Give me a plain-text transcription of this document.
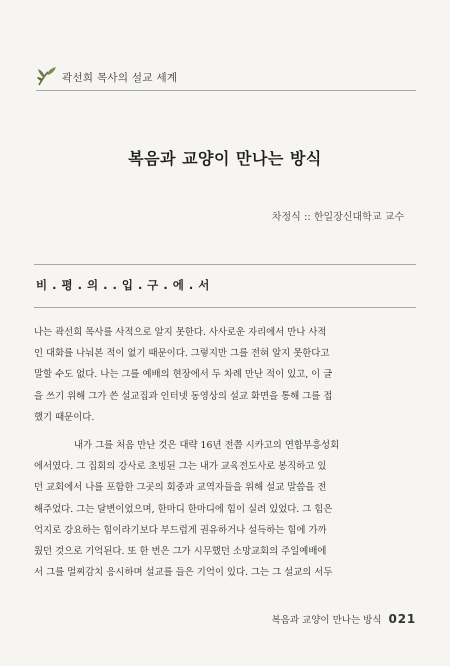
곽선희 목사의 설교 세계
복음과 교양이 만나는 방식
차정식 :: 한일장신대학교 교수
비 . 평 . 의 . . 입 . 구 . 에 . 서
나는 곽선희 목사를 사적으로 알지 못한다. 사사로운 자리에서 만나 사적
인 대화를 나눠본 적이 없기 때문이다. 그렇지만 그를 전혀 알지 못한다고
말할 수도 없다. 나는 그를 예배의 현장에서 두 차례 만난 적이 있고, 이 글
을 쓰기 위해 그가 쓴 설교집과 인터넷 동영상의 설교 화면을 통해 그를 접
했기 때문이다.
내가 그를 처음 만난 것은 대략 16년 전쯤 시카고의 연합부흥성회
에서였다. 그 집회의 강사로 초빙된 그는 내가 교육전도사로 봉직하고 있
던 교회에서 나를 포함한 그곳의 회중과 교역자들을 위해 설교 말씀을 전
해주었다. 그는 달변이었으며, 한마디 한마디에 힘이 실려 있었다. 그 힘은
억지로 강요하는 힘이라기보다 부드럽게 권유하거나 설득하는 힘에 가까
웠던 것으로 기억된다. 또 한 번은 그가 시무했던 소망교회의 주일예배에
서 그를 멀찌감치 응시하며 설교를 들은 기억이 있다. 그는 그 설교의 서두
복음과 교양이 만나는 방식 021
